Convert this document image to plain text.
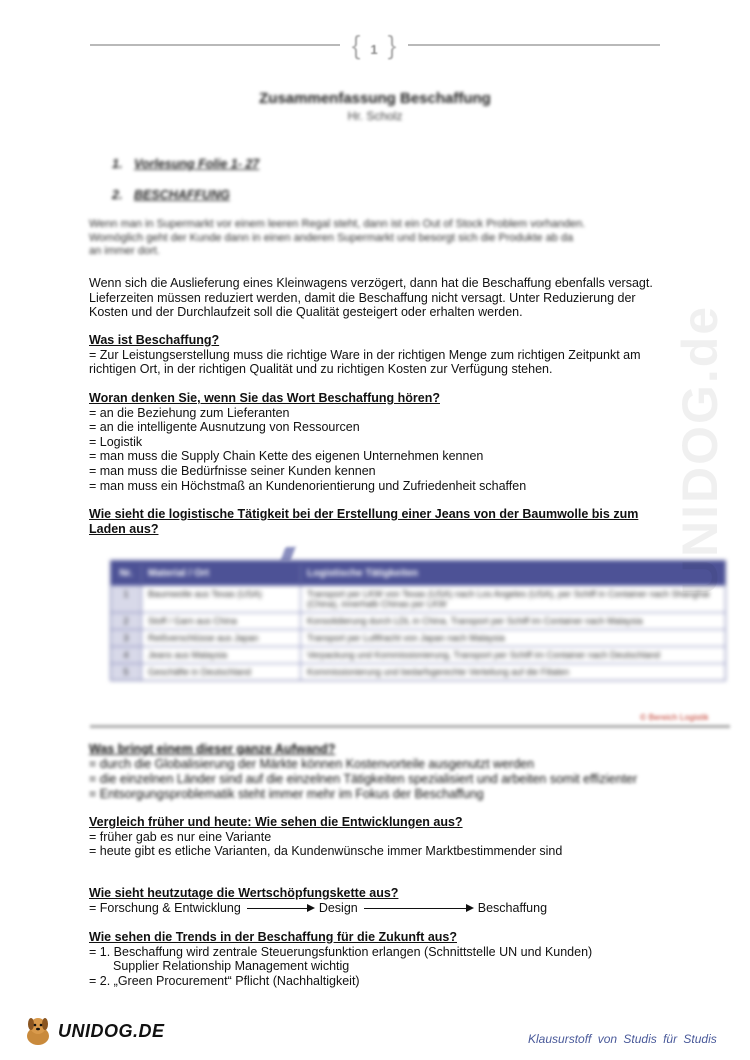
{ 1 }
Zusammenfassung Beschaffung
Hr. Scholz
1. Vorlesung Folie 1- 27
2. BESCHAFFUNG

Wenn man in Supermarkt vor einem leeren Regal steht, dann ist ein Out of Stock Problem vorhanden.

Womöglich geht der Kunde dann in einen anderen Supermarkt und besorgt sich die Produkte ab da

an immer dort.

Wenn sich die Auslieferung eines Kleinwagens verzögert, dann hat die Beschaffung ebenfalls versagt.

Lieferzeiten müssen reduziert werden, damit die Beschaffung nicht versagt. Unter Reduzierung der

Kosten und der Durchlaufzeit soll die Qualität gesteigert oder erhalten werden.

Was ist Beschaffung?

= Zur Leistungserstellung muss die richtige Ware in der richtigen Menge zum richtigen Zeitpunkt am

richtigen Ort, in der richtigen Qualität und zu richtigen Kosten zur Verfügung stehen.

Woran denken Sie, wenn Sie das Wort Beschaffung hören?

= an die Beziehung zum Lieferanten

= an die intelligente Ausnutzung von Ressourcen

= Logistik

= man muss die Supply Chain Kette des eigenen Unternehmen kennen

= man muss die Bedürfnisse seiner Kunden kennen

= man muss ein Höchstmaß an Kundenorientierung und Zufriedenheit schaffen

Wie sieht die logistische Tätigkeit bei der Erstellung einer Jeans von der Baumwolle bis zum

Laden aus?

Nr.	Material / Ort	Logistische Tätigkeiten
1	Baumwolle aus Texas (USA)	Transport per LKW von Texas (USA) nach Los Angeles (USA), per Schiff in Container nach Shanghai (China), innerhalb Chinas per LKW
2	Stoff / Garn aus China	Konsolidierung durch LDL in China, Transport per Schiff im Container nach Malaysia
3	Reißverschlüsse aus Japan	Transport per Luftfracht von Japan nach Malaysia
4	Jeans aus Malaysia	Verpackung und Kommissionierung, Transport per Schiff im Container nach Deutschland
5	Geschäfte in Deutschland	Kommissionierung und bedarfsgerechte Verteilung auf die Filialen
© Bereich Logistik

Was bringt einem dieser ganze Aufwand?

= durch die Globalisierung der Märkte können Kostenvorteile ausgenutzt werden

= die einzelnen Länder sind auf die einzelnen Tätigkeiten spezialisiert und arbeiten somit effizienter

= Entsorgungsproblematik steht immer mehr im Fokus der Beschaffung

Vergleich früher und heute: Wie sehen die Entwicklungen aus?

= früher gab es nur eine Variante

= heute gibt es etliche Varianten, da Kundenwünsche immer Marktbestimmender sind

Wie sieht heutzutage die Wertschöpfungskette aus?

= Forschung & Entwicklung	Design	Beschaffung

Wie sehen die Trends in der Beschaffung für die Zukunft aus?

= 1. Beschaffung wird zentrale Steuerungsfunktion erlangen (Schnittstelle UN und Kunden)

Supplier Relationship Management wichtig

= 2. „Green Procurement“ Pflicht (Nachhaltigkeit)

UNIDOG.de
UNIDOG.DE	Klausurstoff von Studis für Studis
